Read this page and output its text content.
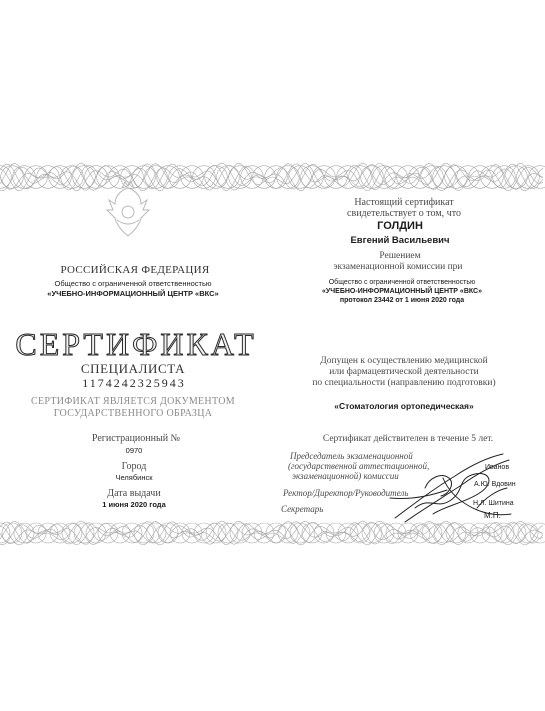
РОССИЙСКАЯ ФЕДЕРАЦИЯ
Общество с ограниченной ответственностью
«УЧЕБНО-ИНФОРМАЦИОННЫЙ ЦЕНТР «ВКС»
СЕРТИФИКАТ
СПЕЦИАЛИСТА
1174242325943
СЕРТИФИКАТ ЯВЛЯЕТСЯ ДОКУМЕНТОМ
ГОСУДАРСТВЕННОГО ОБРАЗЦА
Регистрационный №
0970
Город
Челябинск
Дата выдачи
1 июня 2020 года
Настоящий сертификат
свидетельствует о том, что
ГОЛДИН
Евгений Васильевич
Решением
экзаменационной комиссии при
Общество с ограниченной ответственностью
«УЧЕБНО-ИНФОРМАЦИОННЫЙ ЦЕНТР «ВКС»
протокол 23442 от 1 июня 2020 года
Допущен к осуществлению медицинской
или фармацевтической деятельности
по специальности (направлению подготовки)
«Стоматология ортопедическая»
Сертификат действителен в течение 5 лет.
Председатель экзаменационной
(государственной аттестационной,
экзаменационной) комиссии
Иванов
Ректор/Директор/Руководитель
А.Ю. Вдовин
Секретарь
Н.Л. Шитина
М.П.
